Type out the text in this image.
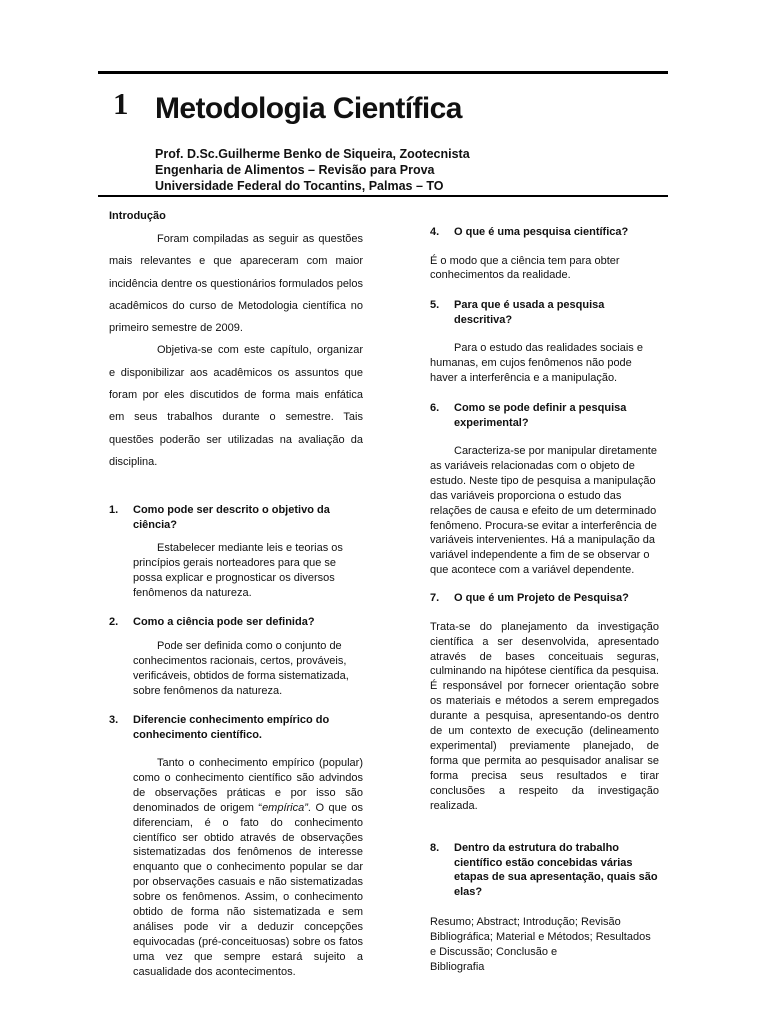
1 Metodologia Científica
Prof. D.Sc.Guilherme Benko de Siqueira, Zootecnista
Engenharia de Alimentos – Revisão para Prova
Universidade Federal do Tocantins, Palmas – TO
Introdução

Foram compiladas as seguir as questões mais relevantes e que apareceram com maior incidência dentre os questionários formulados pelos acadêmicos do curso de Metodologia científica no primeiro semestre de 2009.

Objetiva-se com este capítulo, organizar e disponibilizar aos acadêmicos os assuntos que foram por eles discutidos de forma mais enfática em seus trabalhos durante o semestre. Tais questões poderão ser utilizadas na avaliação da disciplina.

1.	Como pode ser descrito o objetivo da ciência?

Estabelecer mediante leis e teorias os princípios gerais norteadores para que se possa explicar e prognosticar os diversos fenômenos da natureza.

2.	Como a ciência pode ser definida?

Pode ser definida como o conjunto de conhecimentos racionais, certos, prováveis, verificáveis, obtidos de forma sistematizada, sobre fenômenos da natureza.

3.	Diferencie conhecimento empírico do conhecimento científico.

Tanto o conhecimento empírico (popular) como o conhecimento científico são advindos de observações práticas e por isso são denominados de origem “empírica”. O que os diferenciam, é o fato do conhecimento científico ser obtido através de observações sistematizadas dos fenômenos de interesse enquanto que o conhecimento popular se dar por observações casuais e não sistematizadas sobre os fenômenos. Assim, o conhecimento obtido de forma não sistematizada e sem análises pode vir a deduzir concepções equivocadas (pré-conceituosas) sobre os fatos uma vez que sempre estará sujeito a casualidade dos acontecimentos.

4.	O que é uma pesquisa científica?

É o modo que a ciência tem para obter conhecimentos da realidade.

5.	Para que é usada a pesquisa descritiva?

Para o estudo das realidades sociais e humanas, em cujos fenômenos não pode haver a interferência e a manipulação.

6.	Como se pode definir a pesquisa experimental?

Caracteriza-se por manipular diretamente as variáveis relacionadas com o objeto de estudo. Neste tipo de pesquisa a manipulação das variáveis proporciona o estudo das relações de causa e efeito de um determinado fenômeno. Procura-se evitar a interferência de variáveis intervenientes. Há a manipulação da variável independente a fim de se observar o que acontece com a variável dependente.

7.	O que é um Projeto de Pesquisa?

Trata-se do planejamento da investigação científica a ser desenvolvida, apresentado através de bases conceituais seguras, culminando na hipótese científica da pesquisa. É responsável por fornecer orientação sobre os materiais e métodos a serem empregados durante a pesquisa, apresentando-os dentro de um contexto de execução (delineamento experimental) previamente planejado, de forma que permita ao pesquisador analisar se forma precisa seus resultados e tirar conclusões a respeito da investigação realizada.

8.	Dentro da estrutura do trabalho científico estão concebidas várias etapas de sua apresentação, quais são elas?

Resumo; Abstract; Introdução; Revisão Bibliográfica; Material e Métodos; Resultados e Discussão; Conclusão e
Bibliografia
